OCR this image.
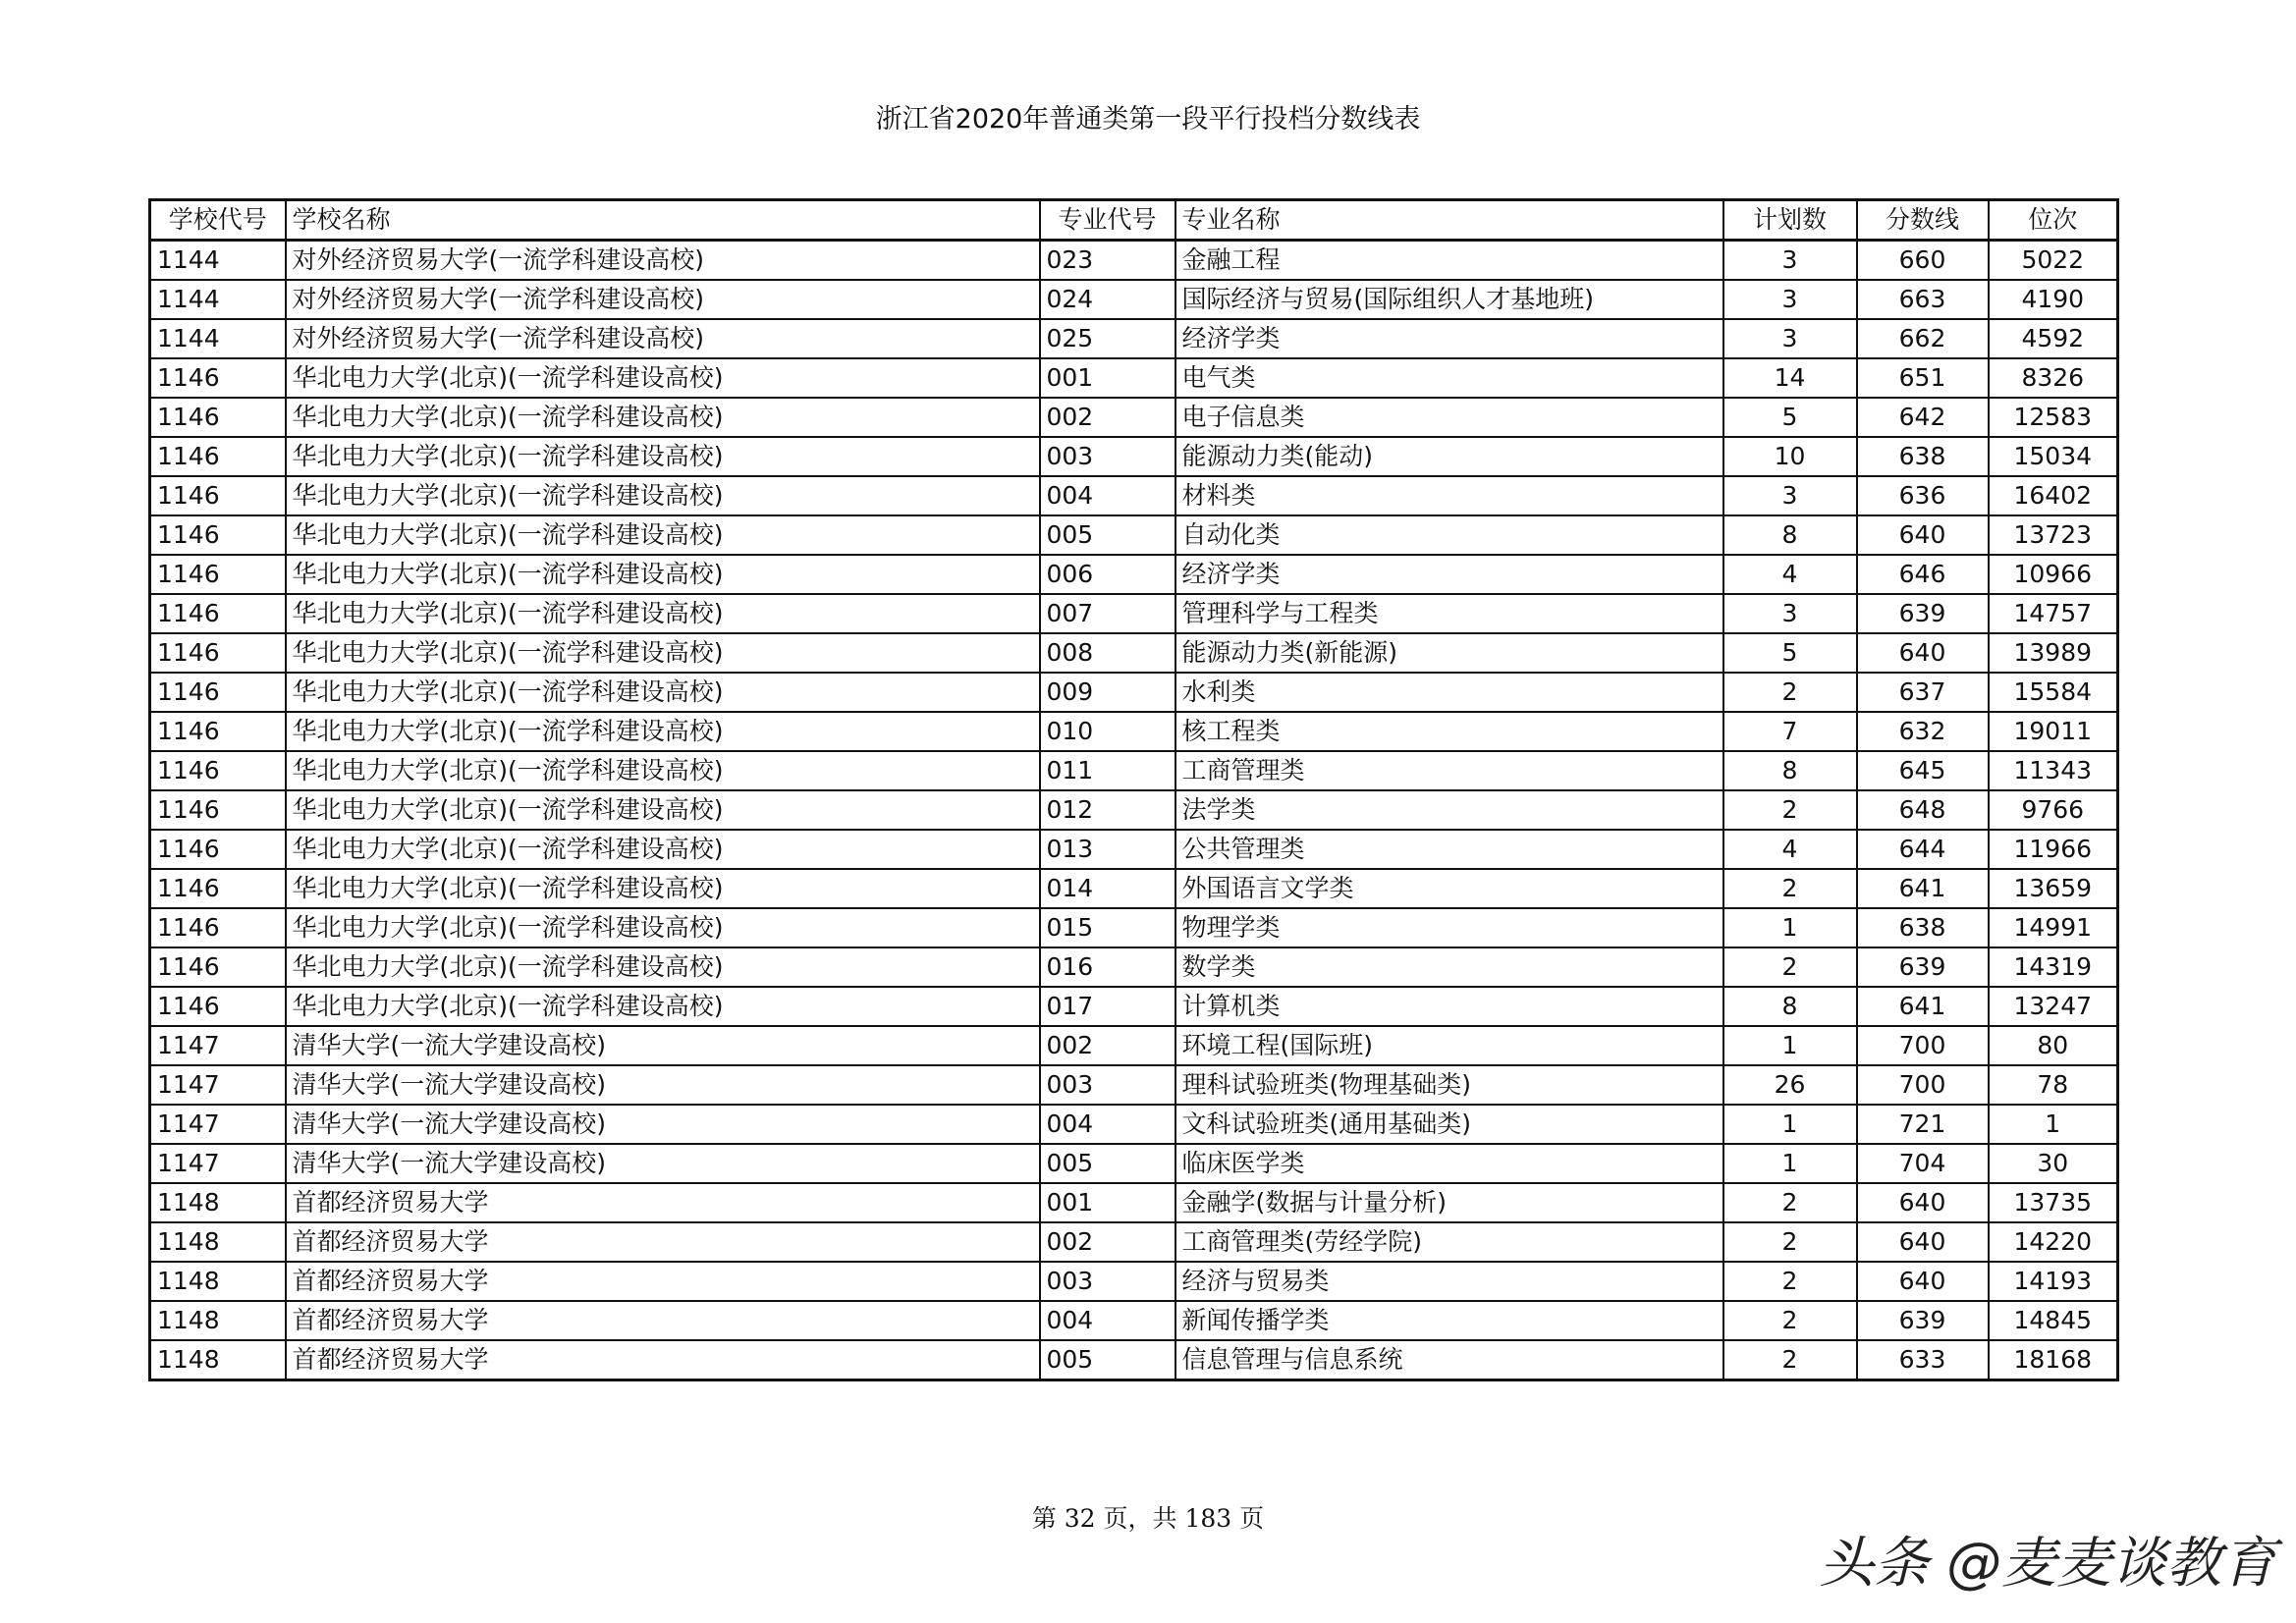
浙江省2020年普通类第一段平行投档分数线表
学校代号	学校名称	专业代号	专业名称	计划数	分数线	位次
1144	对外经济贸易大学(一流学科建设高校)	023	金融工程	3	660	5022
1144	对外经济贸易大学(一流学科建设高校)	024	国际经济与贸易(国际组织人才基地班)	3	663	4190
1144	对外经济贸易大学(一流学科建设高校)	025	经济学类	3	662	4592
1146	华北电力大学(北京)(一流学科建设高校)	001	电气类	14	651	8326
1146	华北电力大学(北京)(一流学科建设高校)	002	电子信息类	5	642	12583
1146	华北电力大学(北京)(一流学科建设高校)	003	能源动力类(能动)	10	638	15034
1146	华北电力大学(北京)(一流学科建设高校)	004	材料类	3	636	16402
1146	华北电力大学(北京)(一流学科建设高校)	005	自动化类	8	640	13723
1146	华北电力大学(北京)(一流学科建设高校)	006	经济学类	4	646	10966
1146	华北电力大学(北京)(一流学科建设高校)	007	管理科学与工程类	3	639	14757
1146	华北电力大学(北京)(一流学科建设高校)	008	能源动力类(新能源)	5	640	13989
1146	华北电力大学(北京)(一流学科建设高校)	009	水利类	2	637	15584
1146	华北电力大学(北京)(一流学科建设高校)	010	核工程类	7	632	19011
1146	华北电力大学(北京)(一流学科建设高校)	011	工商管理类	8	645	11343
1146	华北电力大学(北京)(一流学科建设高校)	012	法学类	2	648	9766
1146	华北电力大学(北京)(一流学科建设高校)	013	公共管理类	4	644	11966
1146	华北电力大学(北京)(一流学科建设高校)	014	外国语言文学类	2	641	13659
1146	华北电力大学(北京)(一流学科建设高校)	015	物理学类	1	638	14991
1146	华北电力大学(北京)(一流学科建设高校)	016	数学类	2	639	14319
1146	华北电力大学(北京)(一流学科建设高校)	017	计算机类	8	641	13247
1147	清华大学(一流大学建设高校)	002	环境工程(国际班)	1	700	80
1147	清华大学(一流大学建设高校)	003	理科试验班类(物理基础类)	26	700	78
1147	清华大学(一流大学建设高校)	004	文科试验班类(通用基础类)	1	721	1
1147	清华大学(一流大学建设高校)	005	临床医学类	1	704	30
1148	首都经济贸易大学	001	金融学(数据与计量分析)	2	640	13735
1148	首都经济贸易大学	002	工商管理类(劳经学院)	2	640	14220
1148	首都经济贸易大学	003	经济与贸易类	2	640	14193
1148	首都经济贸易大学	004	新闻传播学类	2	639	14845
1148	首都经济贸易大学	005	信息管理与信息系统	2	633	18168
第 32 页，共 183 页
头条 @麦麦谈教育
